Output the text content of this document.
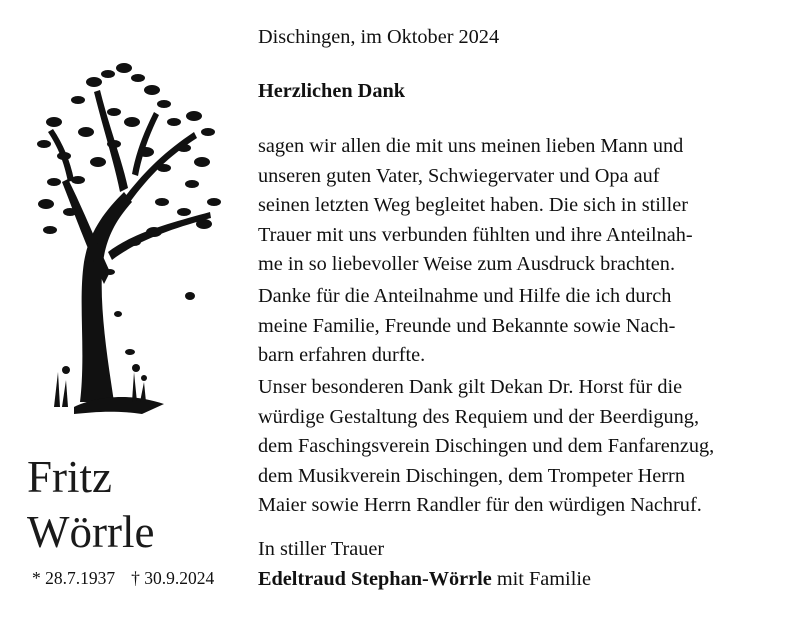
Fritz
Wörrle
* 28.7.1937 † 30.9.2024
Dischingen, im Oktober 2024
Herzlichen Dank
sagen wir allen die mit uns meinen lieben Mann und
unseren guten Vater, Schwiegervater und Opa auf
seinen letzten Weg begleitet haben. Die sich in stiller
Trauer mit uns verbunden fühlten und ihre Anteilnah-
me in so liebevoller Weise zum Ausdruck brachten.
Danke für die Anteilnahme und Hilfe die ich durch
meine Familie, Freunde und Bekannte sowie Nach-
barn erfahren durfte.
Unser besonderen Dank gilt Dekan Dr. Horst für die
würdige Gestaltung des Requiem und der Beerdigung,
dem Faschingsverein Dischingen und dem Fanfarenzug,
dem Musikverein Dischingen, dem Trompeter Herrn
Maier sowie Herrn Randler für den würdigen Nachruf.
In stiller Trauer
Edeltraud Stephan-Wörrle mit Familie
